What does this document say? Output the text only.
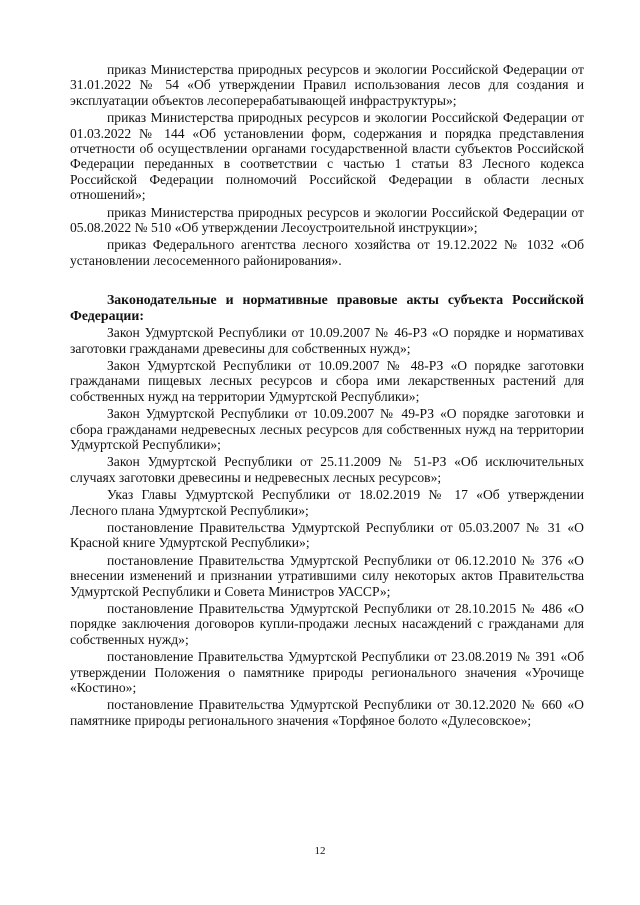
приказ Министерства природных ресурсов и экологии Российской Федерации от 31.01.2022 № 54 «Об утверждении Правил использования лесов для создания и эксплуатации объектов лесоперерабатывающей инфраструктуры»;

приказ Министерства природных ресурсов и экологии Российской Федерации от 01.03.2022 № 144 «Об установлении форм, содержания и порядка представления отчетности об осуществлении органами государственной власти субъектов Российской Федерации переданных в соответствии с частью 1 статьи 83 Лесного кодекса Российской Федерации полномочий Российской Федерации в области лесных отношений»;

приказ Министерства природных ресурсов и экологии Российской Федерации от 05.08.2022 № 510 «Об утверждении Лесоустроительной инструкции»;

приказ Федерального агентства лесного хозяйства от 19.12.2022 № 1032 «Об установлении лесосеменного районирования».

Законодательные и нормативные правовые акты субъекта Российской Федерации:

Закон Удмуртской Республики от 10.09.2007 № 46-РЗ «О порядке и нормативах заготовки гражданами древесины для собственных нужд»;

Закон Удмуртской Республики от 10.09.2007 № 48-РЗ «О порядке заготовки гражданами пищевых лесных ресурсов и сбора ими лекарственных растений для собственных нужд на территории Удмуртской Республики»;

Закон Удмуртской Республики от 10.09.2007 № 49-РЗ «О порядке заготовки и сбора гражданами недревесных лесных ресурсов для собственных нужд на территории Удмуртской Республики»;

Закон Удмуртской Республики от 25.11.2009 № 51-РЗ «Об исключительных случаях заготовки древесины и недревесных лесных ресурсов»;

Указ Главы Удмуртской Республики от 18.02.2019 № 17 «Об утверждении Лесного плана Удмуртской Республики»;

постановление Правительства Удмуртской Республики от 05.03.2007 № 31 «О Красной книге Удмуртской Республики»;

постановление Правительства Удмуртской Республики от 06.12.2010 № 376 «О внесении изменений и признании утратившими силу некоторых актов Правительства Удмуртской Республики и Совета Министров УАССР»;

постановление Правительства Удмуртской Республики от 28.10.2015 № 486 «О порядке заключения договоров купли-продажи лесных насаждений с гражданами для собственных нужд»;

постановление Правительства Удмуртской Республики от 23.08.2019 № 391 «Об утверждении Положения о памятнике природы регионального значения «Урочище «Костино»;

постановление Правительства Удмуртской Республики от 30.12.2020 № 660 «О памятнике природы регионального значения «Торфяное болото «Дулесовское»;

12
